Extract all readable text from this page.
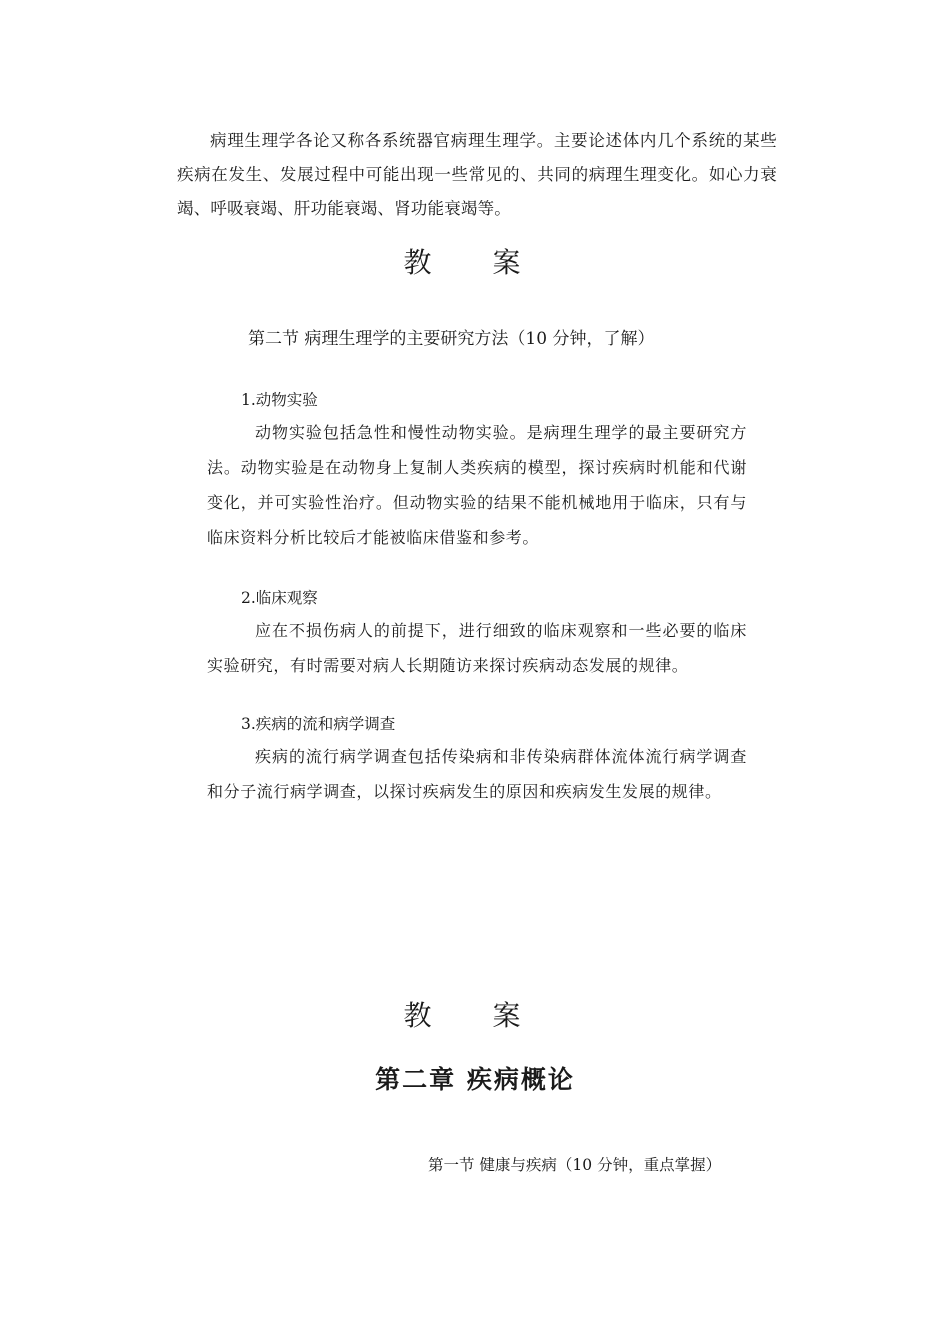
病理生理学各论又称各系统器官病理生理学。主要论述体内几个系统的某些疾病在发生、发展过程中可能出现一些常见的、共同的病理生理变化。如心力衰竭、呼吸衰竭、肝功能衰竭、肾功能衰竭等。

教 案
第二节 病理生理学的主要研究方法（10 分钟，了解）
1.动物实验

动物实验包括急性和慢性动物实验。是病理生理学的最主要研究方法。动物实验是在动物身上复制人类疾病的模型，探讨疾病时机能和代谢变化，并可实验性治疗。但动物实验的结果不能机械地用于临床，只有与临床资料分析比较后才能被临床借鉴和参考。

2.临床观察

应在不损伤病人的前提下，进行细致的临床观察和一些必要的临床实验研究，有时需要对病人长期随访来探讨疾病动态发展的规律。

3.疾病的流和病学调查

疾病的流行病学调查包括传染病和非传染病群体流体流行病学调查和分子流行病学调查，以探讨疾病发生的原因和疾病发生发展的规律。

教 案
第二章 疾病概论
第一节 健康与疾病（10 分钟，重点掌握）
